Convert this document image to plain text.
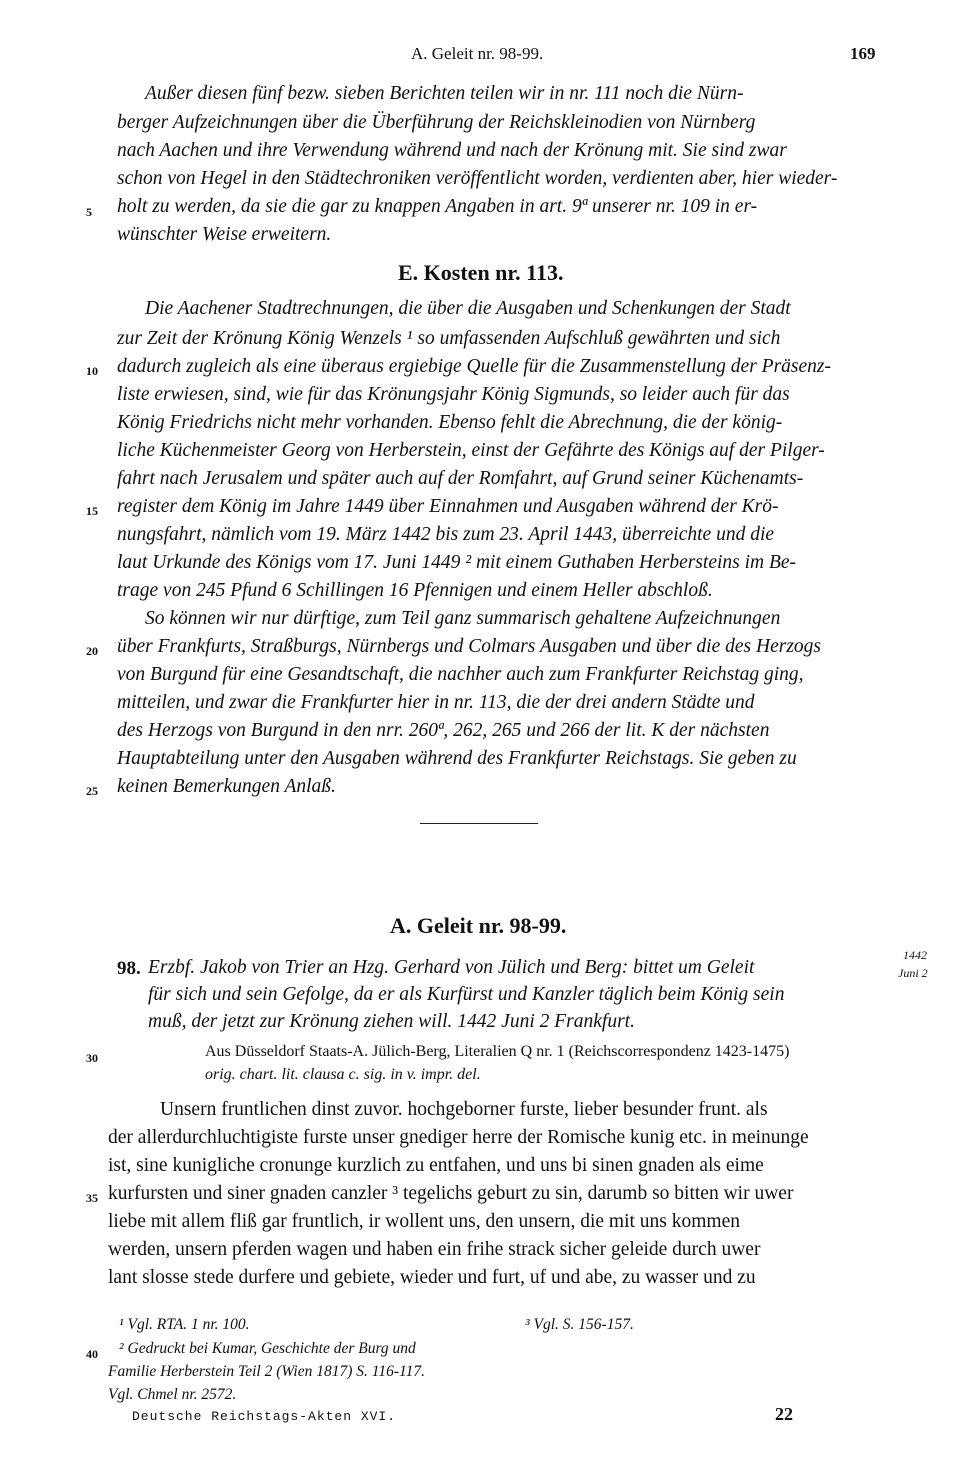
A. Geleit nr. 98-99.	169
Außer diesen fünf bezw. sieben Berichten teilen wir in nr. 111 noch die Nürn-
berger Aufzeichnungen über die Überführung der Reichskleinodien von Nürnberg
nach Aachen und ihre Verwendung während und nach der Krönung mit. Sie sind zwar
schon von Hegel in den Städtechroniken veröffentlicht worden, verdienten aber, hier wieder-
holt zu werden, da sie die gar zu knappen Angaben in art. 9ª unserer nr. 109 in er-
wünschter Weise erweitern.
E. Kosten nr. 113.
Die Aachener Stadtrechnungen, die über die Ausgaben und Schenkungen der Stadt
zur Zeit der Krönung König Wenzels ¹ so umfassenden Aufschluß gewährten und sich
dadurch zugleich als eine überaus ergiebige Quelle für die Zusammenstellung der Präsenz-
liste erwiesen, sind, wie für das Krönungsjahr König Sigmunds, so leider auch für das
König Friedrichs nicht mehr vorhanden. Ebenso fehlt die Abrechnung, die der könig-
liche Küchenmeister Georg von Herberstein, einst der Gefährte des Königs auf der Pilger-
fahrt nach Jerusalem und später auch auf der Romfahrt, auf Grund seiner Küchenamts-
register dem König im Jahre 1449 über Einnahmen und Ausgaben während der Krö-
nungsfahrt, nämlich vom 19. März 1442 bis zum 23. April 1443, überreichte und die
laut Urkunde des Königs vom 17. Juni 1449 ² mit einem Guthaben Herbersteins im Be-
trage von 245 Pfund 6 Schillingen 16 Pfennigen und einem Heller abschloß.
So können wir nur dürftige, zum Teil ganz summarisch gehaltene Aufzeichnungen
über Frankfurts, Straßburgs, Nürnbergs und Colmars Ausgaben und über die des Herzogs
von Burgund für eine Gesandtschaft, die nachher auch zum Frankfurter Reichstag ging,
mitteilen, und zwar die Frankfurter hier in nr. 113, die der drei andern Städte und
des Herzogs von Burgund in den nrr. 260ª, 262, 265 und 266 der lit. K der nächsten
Hauptabteilung unter den Ausgaben während des Frankfurter Reichstags. Sie geben zu
keinen Bemerkungen Anlaß.
A. Geleit nr. 98-99.
98. Erzbf. Jakob von Trier an Hzg. Gerhard von Jülich und Berg: bittet um Geleit
für sich und sein Gefolge, da er als Kurfürst und Kanzler täglich beim König sein
muß, der jetzt zur Krönung ziehen will. 1442 Juni 2 Frankfurt.
1442
Juni 2
Aus Düsseldorf Staats-A. Jülich-Berg, Literalien Q nr. 1 (Reichscorrespondenz 1423-1475)
orig. chart. lit. clausa c. sig. in v. impr. del.
Unsern fruntlichen dinst zuvor. hochgeborner furste, lieber besunder frunt. als
der allerdurchluchtigiste furste unser gnediger herre der Romische kunig etc. in meinunge
ist, sine kunigliche cronunge kurzlich zu entfahen, und uns bi sinen gnaden als eime
kurfursten und siner gnaden canzler ³ tegelichs geburt zu sin, darumb so bitten wir uwer
liebe mit allem fliß gar fruntlich, ir wollent uns, den unsern, die mit uns kommen
werden, unsern pferden wagen und haben ein frihe strack sicher geleide durch uwer
lant slosse stede durfere und gebiete, wieder und furt, uf und abe, zu wasser und zu
5
10
15
20
25
30
35
40
¹ Vgl. RTA. 1 nr. 100.
² Gedruckt bei Kumar, Geschichte der Burg und
Familie Herberstein Teil 2 (Wien 1817) S. 116-117.
Vgl. Chmel nr. 2572.
³ Vgl. S. 156-157.
Deutsche Reichstags-Akten XVI.	22
